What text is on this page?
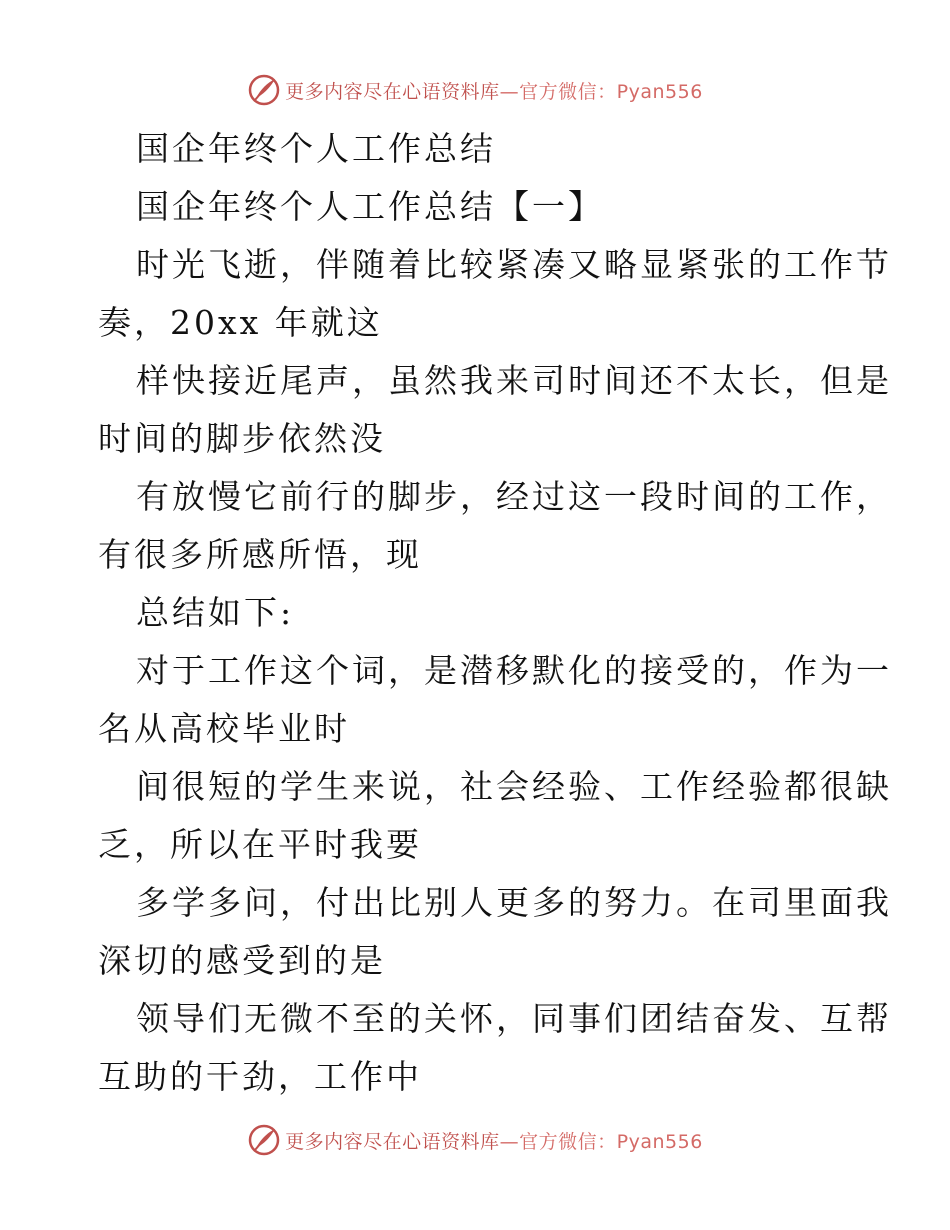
更多内容尽在心语资料库—官方微信：Pyan556
国企年终个人工作总结
国企年终个人工作总结【一】
时光飞逝，伴随着比较紧凑又略显紧张的工作节
奏，20xx 年就这
样快接近尾声，虽然我来司时间还不太长，但是
时间的脚步依然没
有放慢它前行的脚步，经过这一段时间的工作，
有很多所感所悟，现
总结如下:
对于工作这个词，是潜移默化的接受的，作为一
名从高校毕业时
间很短的学生来说，社会经验、工作经验都很缺
乏，所以在平时我要
多学多问，付出比别人更多的努力。在司里面我
深切的感受到的是
领导们无微不至的关怀，同事们团结奋发、互帮
互助的干劲，工作中
更多内容尽在心语资料库—官方微信：Pyan556
